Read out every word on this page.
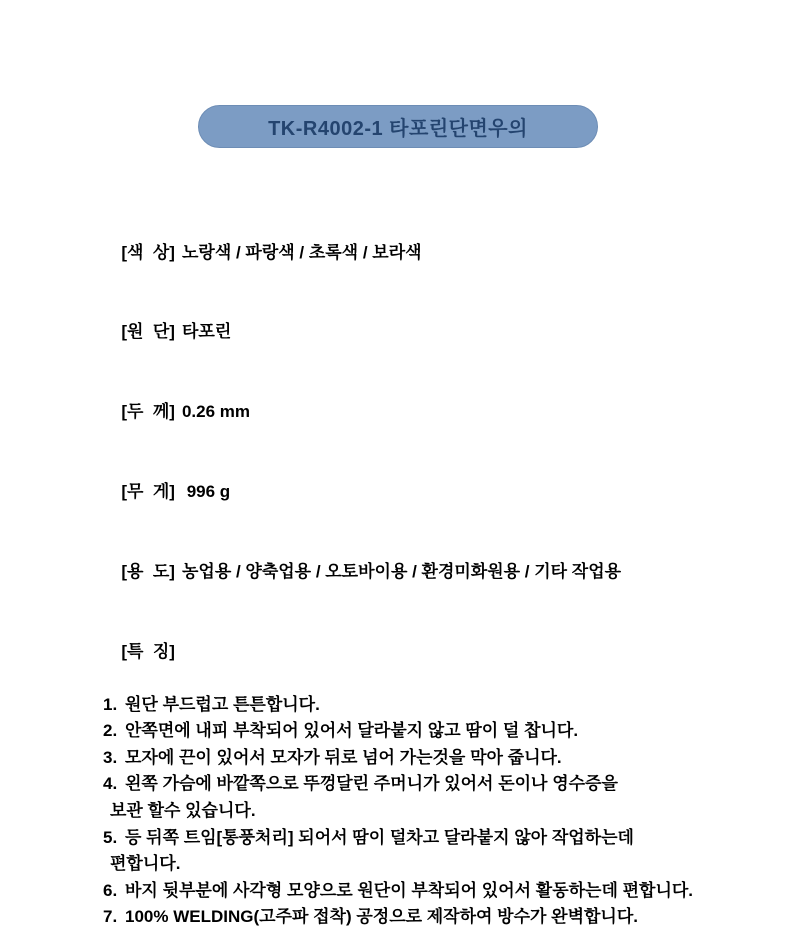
TK-R4002-1 타포린단면우의

[색  상] 노랑색 / 파랑색 / 초록색 / 보라색

[원  단] 타포린

[두  께] 0.26 mm

[무  게] 996 g

[용  도] 농업용 / 양축업용 / 오토바이용 / 환경미화원용 / 기타 작업용

[특  징]

1. 원단 부드럽고 튼튼합니다.
2. 안쪽면에 내피 부착되어 있어서 달라붙지 않고 땀이 덜 찹니다.
3. 모자에 끈이 있어서 모자가 뒤로 넘어 가는것을 막아 줍니다.
4. 왼쪽 가슴에 바깥쪽으로 뚜껑달린 주머니가 있어서 돈이나 영수증을
보관 할수 있습니다.
5. 등 뒤쪽 트임[통풍처리] 되어서 땀이 덜차고 달라붙지 않아 작업하는데
편합니다.
6. 바지 뒷부분에 사각형 모양으로 원단이 부착되어 있어서 활동하는데 편합니다.
7. 100% WELDING(고주파 접착) 공정으로 제작하여 방수가 완벽합니다.
